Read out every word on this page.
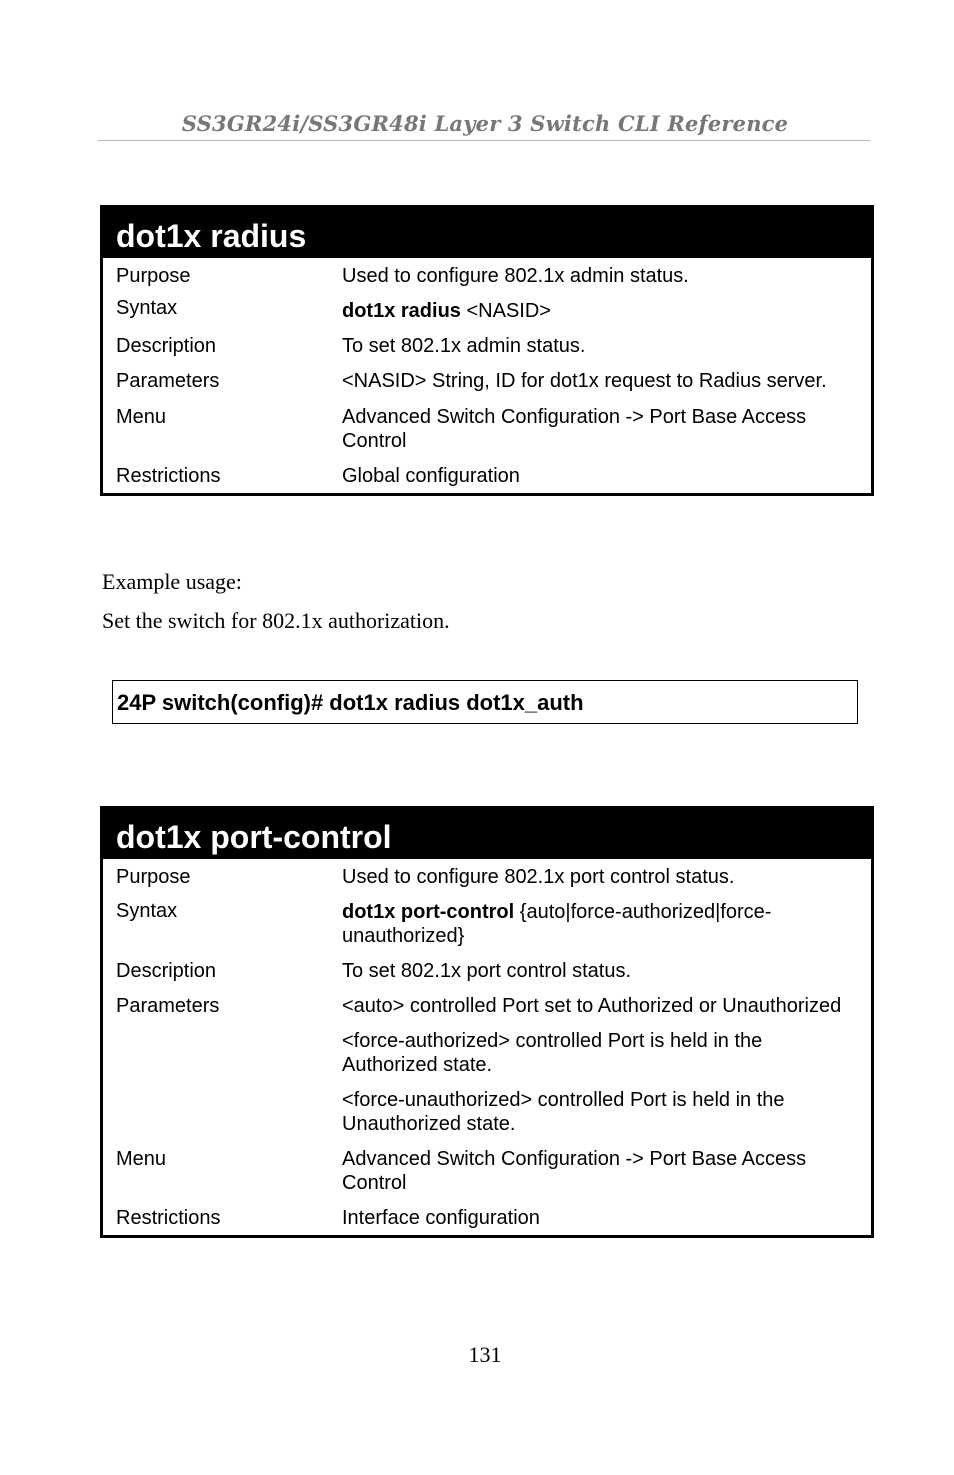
SS3GR24i/SS3GR48i Layer 3 Switch CLI Reference
dot1x radius
Purpose	Used to configure 802.1x admin status.
Syntax	dot1x radius <NASID>
Description	To set 802.1x admin status.
Parameters	<NASID> String, ID for dot1x request to Radius server.
Menu	Advanced Switch Configuration -> Port Base Access Control
Restrictions	Global configuration
Example usage:
Set the switch for 802.1x authorization.
24P switch(config)# dot1x radius dot1x_auth
dot1x port-control
Purpose	Used to configure 802.1x port control status.
Syntax	dot1x port-control {auto|force-authorized|force-unauthorized}
Description	To set 802.1x port control status.
Parameters	<auto> controlled Port set to Authorized or Unauthorized
<force-authorized> controlled Port is held in the Authorized state.
<force-unauthorized> controlled Port is held in the Unauthorized state.
Menu	Advanced Switch Configuration -> Port Base Access Control
Restrictions	Interface configuration
131
